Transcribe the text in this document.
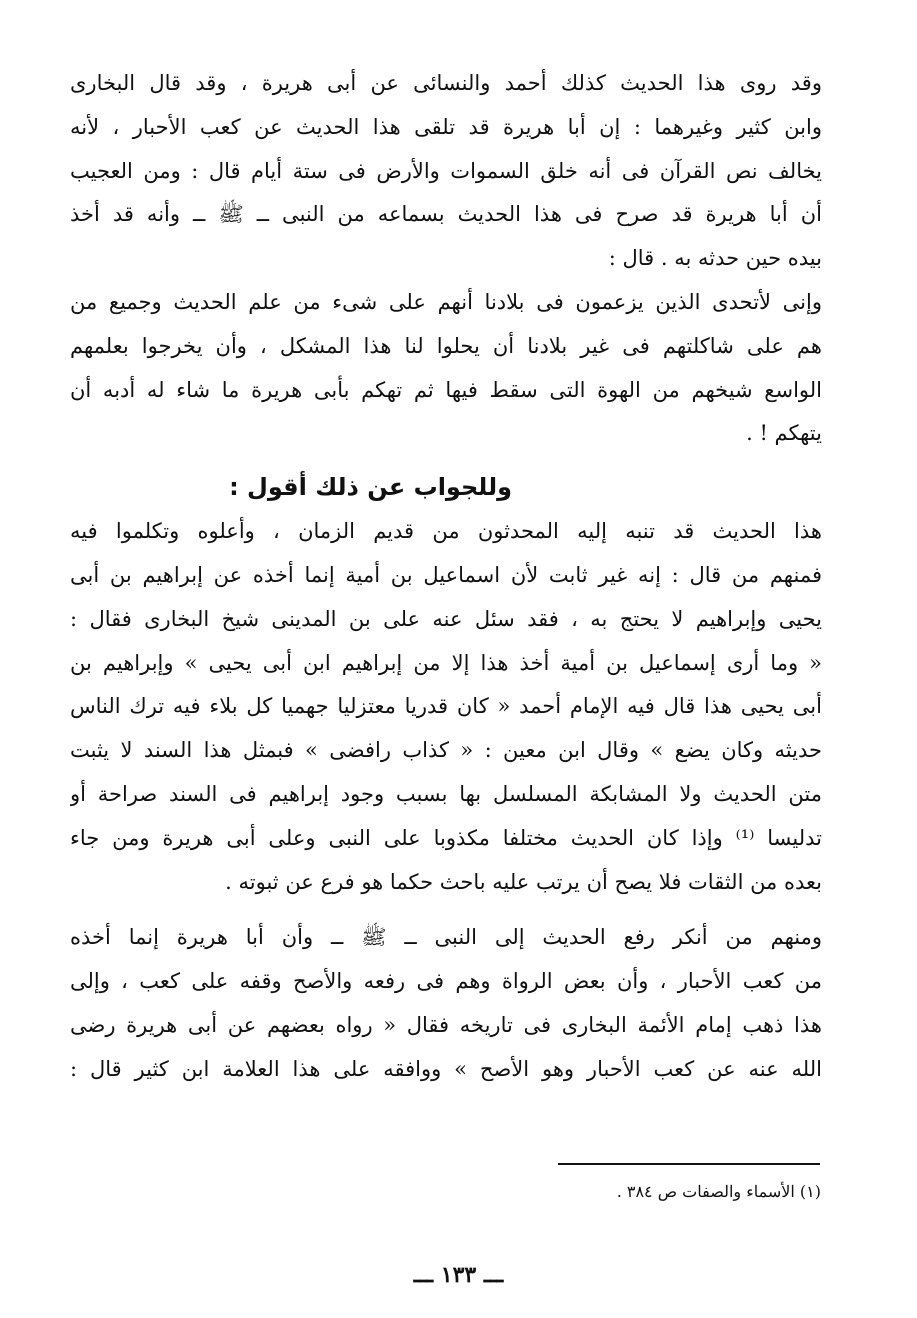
وقد روى هذا الحديث كذلك أحمد والنسائى عن أبى هريرة ، وقد قال البخارى
وابن كثير وغيرهما : إن أبا هريرة قد تلقى هذا الحديث عن كعب الأحبار ، لأنه
يخالف نص القرآن فى أنه خلق السموات والأرض فى ستة أيام قال : ومن العجيب
أن أبا هريرة قد صرح فى هذا الحديث بسماعه من النبى ــ ﷺ ــ وأنه قد أخذ
بيده حين حدثه به . قال :
وإنى لأتحدى الذين يزعمون فى بلادنا أنهم على شىء من علم الحديث وجميع من
هم على شاكلتهم فى غير بلادنا أن يحلوا لنا هذا المشكل ، وأن يخرجوا بعلمهم
الواسع شيخهم من الهوة التى سقط فيها ثم تهكم بأبى هريرة ما شاء له أدبه أن
يتهكم ! .
وللجواب عن ذلك أقول :
هذا الحديث قد تنبه إليه المحدثون من قديم الزمان ، وأعلوه وتكلموا فيه
فمنهم من قال : إنه غير ثابت لأن اسماعيل بن أمية إنما أخذه عن إبراهيم بن أبى
يحيى وإبراهيم لا يحتج به ، فقد سئل عنه على بن المدينى شيخ البخارى فقال :
« وما أرى إسماعيل بن أمية أخذ هذا إلا من إبراهيم ابن أبى يحيى » وإبراهيم بن
أبى يحيى هذا قال فيه الإمام أحمد « كان قدريا معتزليا جهميا كل بلاء فيه ترك الناس
حديثه وكان يضع » وقال ابن معين : « كذاب رافضى » فبمثل هذا السند لا يثبت
متن الحديث ولا المشابكة المسلسل بها بسبب وجود إبراهيم فى السند صراحة أو
تدليسا ⁽¹⁾ وإذا كان الحديث مختلفا مكذوبا على النبى وعلى أبى هريرة ومن جاء
بعده من الثقات فلا يصح أن يرتب عليه باحث حكما هو فرع عن ثبوته .
ومنهم من أنكر رفع الحديث إلى النبى ــ ﷺ ــ وأن أبا هريرة إنما أخذه
من كعب الأحبار ، وأن بعض الرواة وهم فى رفعه والأصح وقفه على كعب ، وإلى
هذا ذهب إمام الأئمة البخارى فى تاريخه فقال « رواه بعضهم عن أبى هريرة رضى
الله عنه عن كعب الأحبار وهو الأصح » ووافقه على هذا العلامة ابن كثير قال :
(١) الأسماء والصفات ص ٣٨٤ .
ـــ ١٣٣ ـــ
